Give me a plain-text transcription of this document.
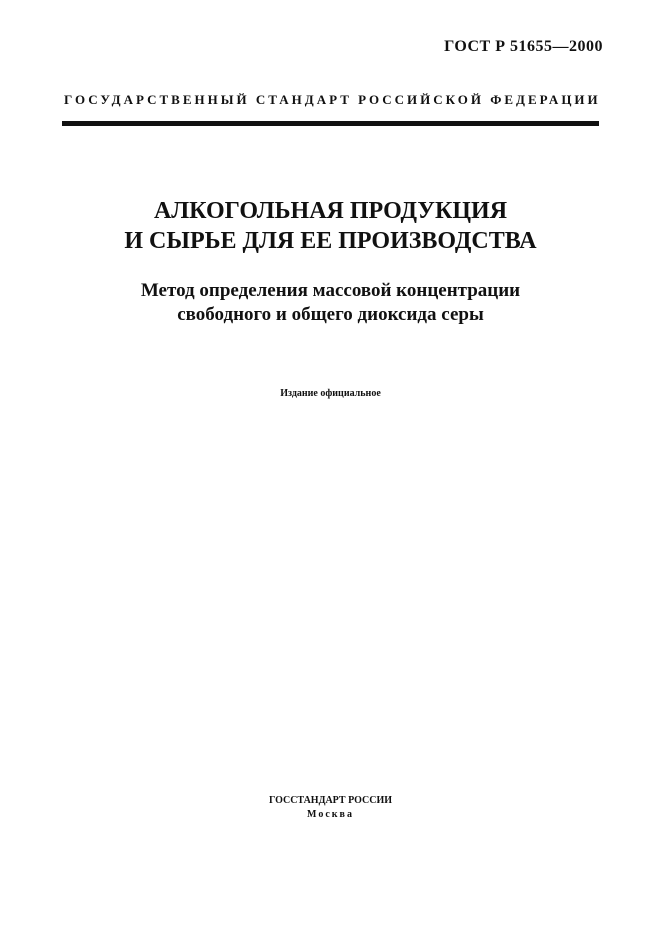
ГОСТ Р 51655—2000
ГОСУДАРСТВЕННЫЙ СТАНДАРТ РОССИЙСКОЙ ФЕДЕРАЦИИ
АЛКОГОЛЬНАЯ ПРОДУКЦИЯ
И СЫРЬЕ ДЛЯ ЕЕ ПРОИЗВОДСТВА
Метод определения массовой концентрации
свободного и общего диоксида серы
Издание официальное
ГОССТАНДАРТ РОССИИ
Москва
